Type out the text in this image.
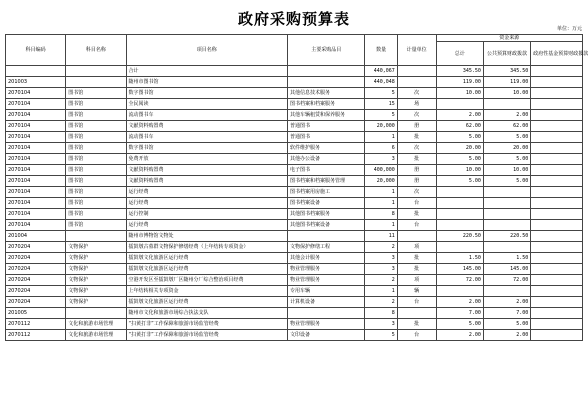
政府采购预算表
单位：万元
科目编码	科目名称	项目名称	主要采购品目	数量	计量单位	资金来源		
						总计	公共预算财政拨款	政府性基金预算财政拨款
		合计		440,067		345.50	345.50	
201003		随州市图书馆		440,048		119.00	119.00	
2070104	图书馆	数字图书馆	其他信息技术服务	5	次	10.00	10.00	
2070104	图书馆	全民阅读	图书档案和档案服务	15	场			
2070104	图书馆	流动图书车	其他车辆租赁和保养服务	5	次	2.00	2.00	
2070104	图书馆	文献资料购置费	普通图书	20,000	册	62.00	62.00	
2070104	图书馆	流动图书车	普通图书	1	批	5.00	5.00	
2070104	图书馆	数字图书馆	软件维护服务	6	次	20.00	20.00	
2070104	图书馆	免费开放	其他办公设备	3	批	5.00	5.00	
2070104	图书馆	文献资料购置费	电子图书	400,000	册	10.00	10.00	
2070104	图书馆	文献资料购置费	图书档案和档案服务管理	20,000	册	5.00	5.00	
2070104	图书馆	运行经费	图书档案用房施工	1	次			
2070104	图书馆	运行经费	图书档案设备	1	台			
2070104	图书馆	运行控制	其他图书档案服务	8	批			
2070104	图书馆	运行经费	其他图书档案设备	1	台			
201004		随州市博物馆文物处		11		220.50	220.50	
2070204	文物保护	擂鼓墩古墓群文物保护修缮经费（上年结转专项资金）	文物保护修缮工程	2	项			
2070204	文物保护	擂鼓墩文化旅游区运行经费	其他会计服务	3	批	1.50	1.50	
2070204	文物保护	擂鼓墩文化旅游区运行经费	物业管理服务	3	批	145.00	145.00	
2070204	文物保护	空港开发区至擂鼓墩厂区随州分厂综合整治项目经费	物业管理服务	2	项	72.00	72.00	
2070204	文物保护	上年结转相关专项资金	专用车辆	1	辆			
2070204	文物保护	擂鼓墩文化旅游区运行经费	计算机设备	2	台	2.00	2.00	
201005		随州市文化和旅游市场综合执法支队		8		7.00	7.00	
2070112	文化和旅游市场管理	“扫黄打非”工作保障和旅游市场监管经费	物业管理服务	3	批	5.00	5.00	
2070112	文化和旅游市场管理	“扫黄打非”工作保障和旅游市场监管经费	文印设备	5	台	2.00	2.00	
